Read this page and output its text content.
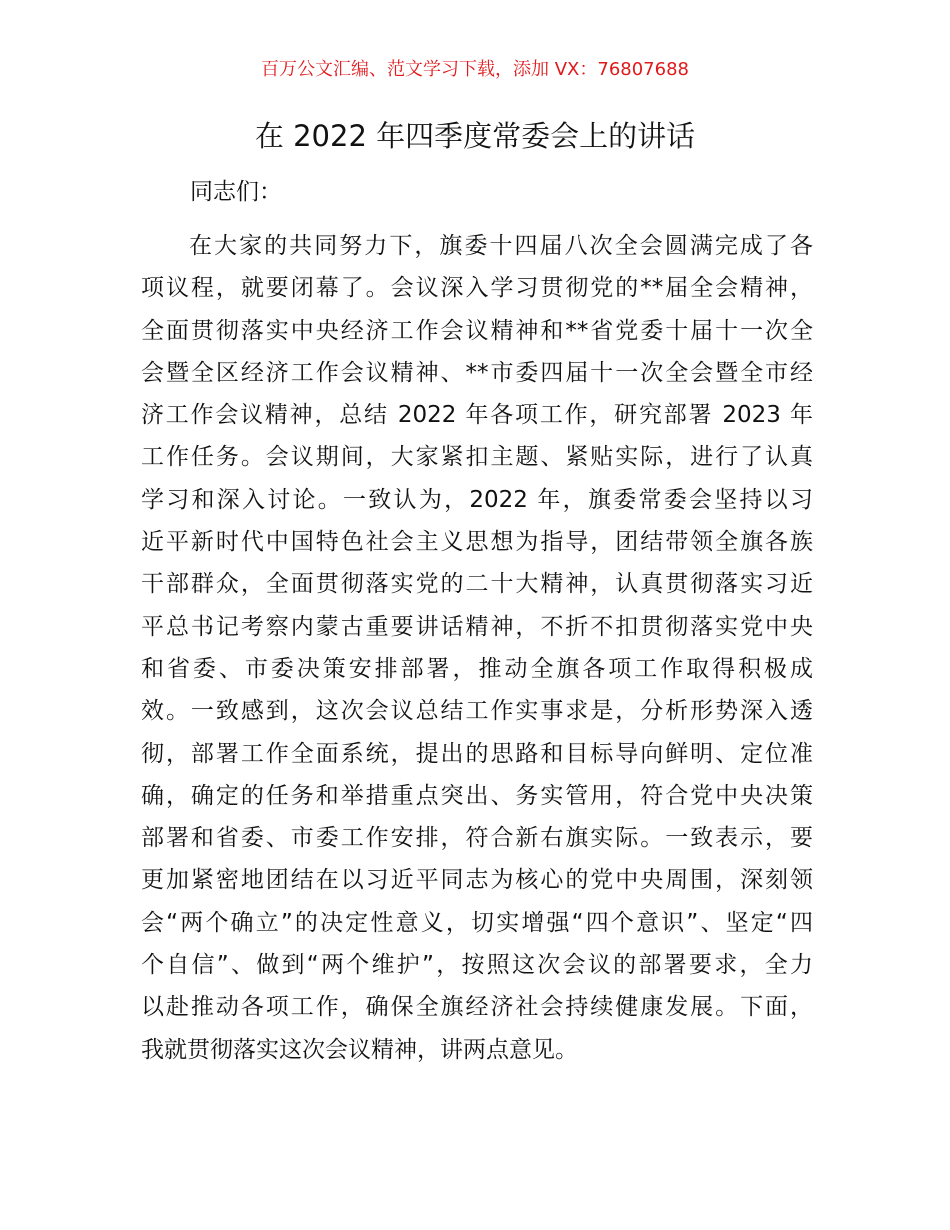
百万公文汇编、范文学习下载，添加 VX：76807688
在 2022 年四季度常委会上的讲话
同志们：
在大家的共同努力下，旗委十四届八次全会圆满完成了各
项议程，就要闭幕了。会议深入学习贯彻党的**届全会精神，
全面贯彻落实中央经济工作会议精神和**省党委十届十一次全
会暨全区经济工作会议精神、**市委四届十一次全会暨全市经
济工作会议精神，总结 2022 年各项工作，研究部署 2023 年
工作任务。会议期间，大家紧扣主题、紧贴实际，进行了认真
学习和深入讨论。一致认为，2022 年，旗委常委会坚持以习
近平新时代中国特色社会主义思想为指导，团结带领全旗各族
干部群众，全面贯彻落实党的二十大精神，认真贯彻落实习近
平总书记考察内蒙古重要讲话精神，不折不扣贯彻落实党中央
和省委、市委决策安排部署，推动全旗各项工作取得积极成
效。一致感到，这次会议总结工作实事求是，分析形势深入透
彻，部署工作全面系统，提出的思路和目标导向鲜明、定位准
确，确定的任务和举措重点突出、务实管用，符合党中央决策
部署和省委、市委工作安排，符合新右旗实际。一致表示，要
更加紧密地团结在以习近平同志为核心的党中央周围，深刻领
会“两个确立”的决定性意义，切实增强“四个意识”、坚定“四
个自信”、做到“两个维护”，按照这次会议的部署要求，全力
以赴推动各项工作，确保全旗经济社会持续健康发展。下面，
我就贯彻落实这次会议精神，讲两点意见。
